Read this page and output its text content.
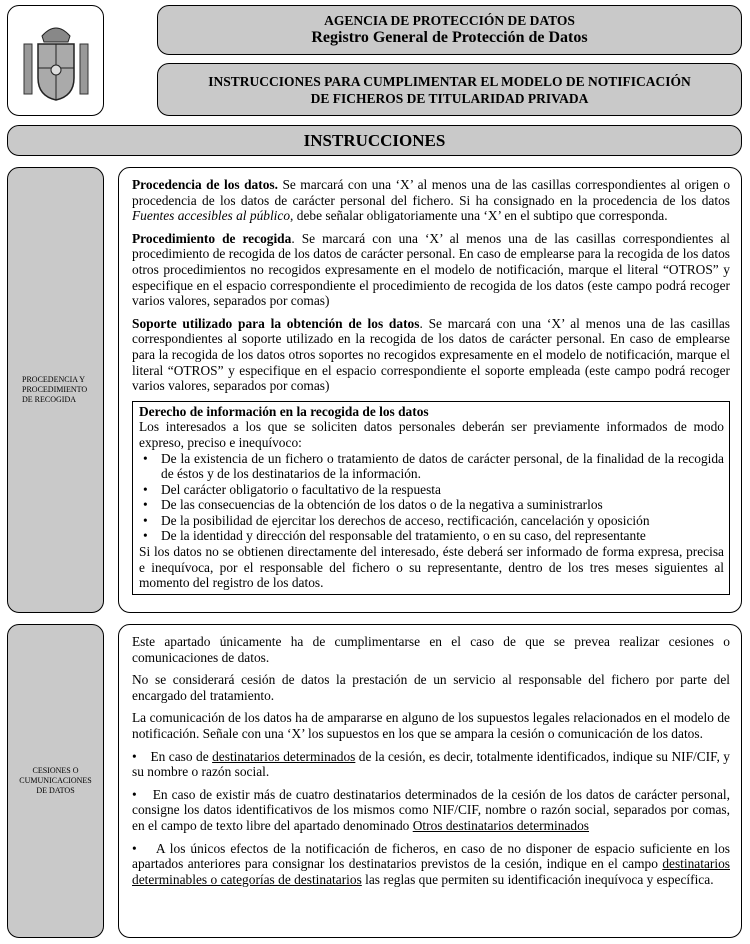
AGENCIA DE PROTECCIÓN DE DATOS
Registro General de Protección de Datos
INSTRUCCIONES PARA CUMPLIMENTAR EL MODELO DE NOTIFICACIÓN DE FICHEROS DE TITULARIDAD PRIVADA
INSTRUCCIONES
PROCEDENCIA Y PROCEDIMIENTO DE RECOGIDA

Procedencia de los datos. Se marcará con una ‘X’ al menos una de las casillas correspondientes al origen o procedencia de los datos de carácter personal del fichero. Si ha consignado en la procedencia de los datos Fuentes accesibles al público, debe señalar obligatoriamente una ‘X’ en el subtipo que corresponda.

Procedimiento de recogida. Se marcará con una ‘X’ al menos una de las casillas correspondientes al procedimiento de recogida de los datos de carácter personal. En caso de emplearse para la recogida de los datos otros procedimientos no recogidos expresamente en el modelo de notificación, marque el literal “OTROS” y especifique en el espacio correspondiente el procedimiento de recogida de los datos (este campo podrá recoger varios valores, separados por comas)

Soporte utilizado para la obtención de los datos. Se marcará con una ‘X’ al menos una de las casillas correspondientes al soporte utilizado en la recogida de los datos de carácter personal. En caso de emplearse para la recogida de los datos otros soportes no recogidos expresamente en el modelo de notificación, marque el literal “OTROS” y especifique en el espacio correspondiente el soporte empleada (este campo podrá recoger varios valores, separados por comas)

Derecho de información en la recogida de los datos
Los interesados a los que se soliciten datos personales deberán ser previamente informados de modo expreso, preciso e inequívoco:
• De la existencia de un fichero o tratamiento de datos de carácter personal, de la finalidad de la recogida de éstos y de los destinatarios de la información.
• Del carácter obligatorio o facultativo de la respuesta
• De las consecuencias de la obtención de los datos o de la negativa a suministrarlos
• De la posibilidad de ejercitar los derechos de acceso, rectificación, cancelación y oposición
• De la identidad y dirección del responsable del tratamiento, o en su caso, del representante
Si los datos no se obtienen directamente del interesado, éste deberá ser informado de forma expresa, precisa e inequívoca, por el responsable del fichero o su representante, dentro de los tres meses siguientes al momento del registro de los datos.
CESIONES O CUMUNICACIONES DE DATOS

Este apartado únicamente ha de cumplimentarse en el caso de que se prevea realizar cesiones o comunicaciones de datos.

No se considerará cesión de datos la prestación de un servicio al responsable del fichero por parte del encargado del tratamiento.

La comunicación de los datos ha de ampararse en alguno de los supuestos legales relacionados en el modelo de notificación. Señale con una ‘X’ los supuestos en los que se ampara la cesión o comunicación de los datos.

•    En caso de destinatarios determinados de la cesión, es decir, totalmente identificados, indique su NIF/CIF, y su nombre o razón social.

•    En caso de existir más de cuatro destinatarios determinados de la cesión de los datos de carácter personal, consigne los datos identificativos de los mismos como NIF/CIF, nombre o razón social, separados por comas, en el campo de texto libre del apartado denominado Otros destinatarios determinados

•    A los únicos efectos de la notificación de ficheros, en caso de no disponer de espacio suficiente en los apartados anteriores para consignar los destinatarios previstos de la cesión, indique en el campo destinatarios determinables o categorías de destinatarios las reglas que permiten su identificación inequívoca y específica.
